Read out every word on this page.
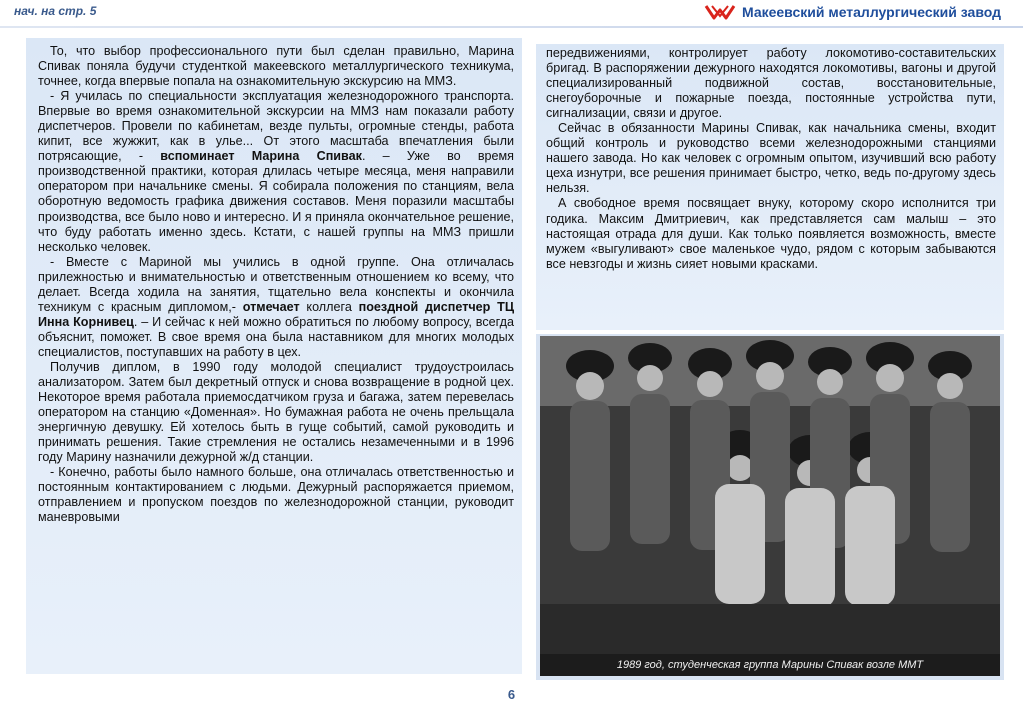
нач. на стр. 5	Макеевский металлургический завод

То, что выбор профессионального пути был сделан правильно, Марина Спивак поняла будучи студенткой макеевского металлургического техникума, точнее, когда впервые попала на ознакомительную экскурсию на ММЗ.

- Я училась по специальности эксплуатация железнодорожного транспорта. Впервые во время ознакомительной экскурсии на ММЗ нам показали работу диспетчеров. Провели по кабинетам, везде пульты, огромные стенды, работа кипит, все жужжит, как в улье... От этого масштаба впечатления были потрясающие, - вспоминает Марина Спивак. – Уже во время производственной практики, которая длилась четыре месяца, меня направили оператором при начальнике смены. Я собирала положения по станциям, вела оборотную ведомость графика движения составов. Меня поразили масштабы производства, все было ново и интересно. И я приняла окончательное решение, что буду работать именно здесь. Кстати, с нашей группы на ММЗ пришли несколько человек.

- Вместе с Мариной мы учились в одной группе. Она отличалась прилежностью и внимательностью и ответственным отношением ко всему, что делает. Всегда ходила на занятия, тщательно вела конспекты и окончила техникум с красным дипломом,- отмечает коллега поездной диспетчер ТЦ Инна Корнивец. – И сейчас к ней можно обратиться по любому вопросу, всегда объяснит, поможет. В свое время она была наставником для многих молодых специалистов, поступавших на работу в цех.

Получив диплом, в 1990 году молодой специалист трудоустроилась анализатором. Затем был декретный отпуск и снова возвращение в родной цех. Некоторое время работала приемосдатчиком груза и багажа, затем перевелась оператором на станцию «Доменная». Но бумажная работа не очень прельщала энергичную девушку. Ей хотелось быть в гуще событий, самой руководить и принимать решения. Такие стремления не остались незамеченными и в 1996 году Марину назначили дежурной ж/д станции.

- Конечно, работы было намного больше, она отличалась ответственностью и постоянным контактированием с людьми. Дежурный распоряжается приемом, отправлением и пропуском поездов по железнодорожной станции, руководит маневровыми

передвижениями, контролирует работу локомотиво-составительских бригад. В распоряжении дежурного находятся локомотивы, вагоны и другой специализированный подвижной состав, восстановительные, снегоуборочные и пожарные поезда, постоянные устройства пути, сигнализации, связи и другое.

Сейчас в обязанности Марины Спивак, как начальника смены, входит общий контроль и руководство всеми железнодорожными станциями нашего завода. Но как человек с огромным опытом, изучивший всю работу цеха изнутри, все решения принимает быстро, четко, ведь по-другому здесь нельзя.

А свободное время посвящает внуку, которому скоро исполнится три годика. Максим Дмитриевич, как представляется сам малыш – это настоящая отрада для души. Как только появляется возможность, вместе мужем «выгуливают» свое маленькое чудо, рядом с которым забываются все невзгоды и жизнь сияет новыми красками.

1989 год, студенческая группа Марины Спивак возле ММТ
6
